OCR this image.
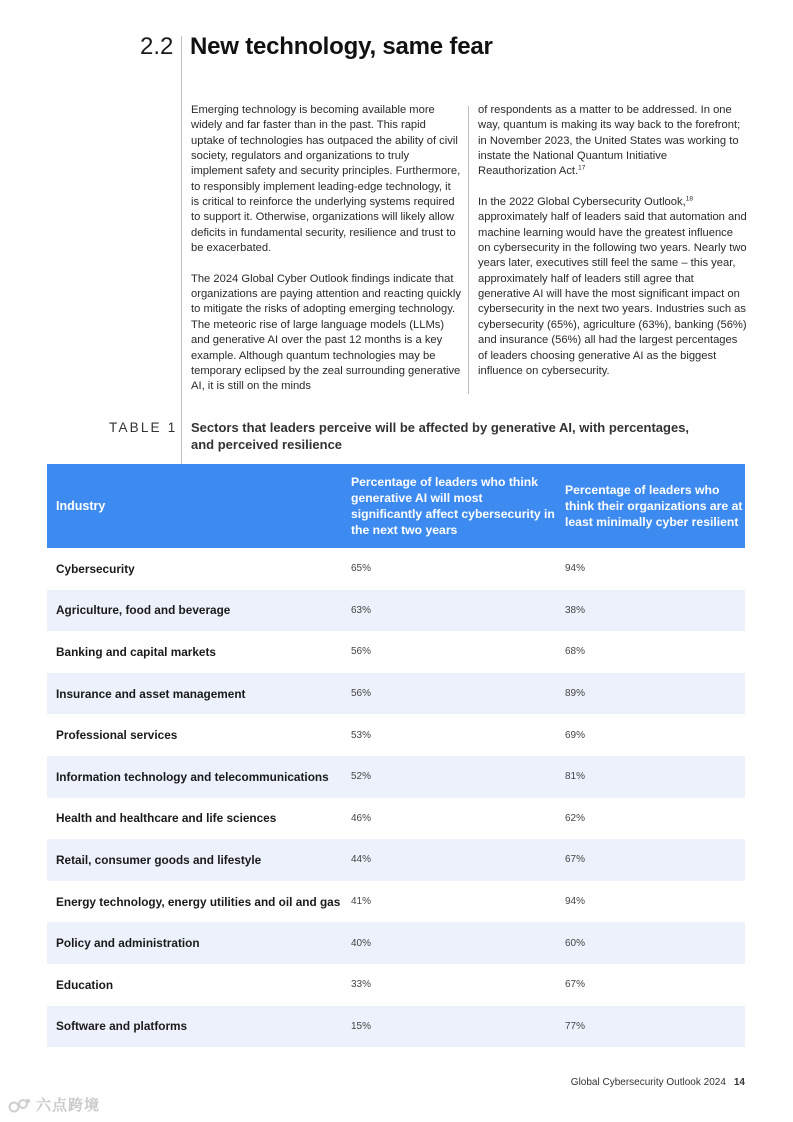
2.2 New technology, same fear

Emerging technology is becoming available more widely and far faster than in the past. This rapid uptake of technologies has outpaced the ability of civil society, regulators and organizations to truly implement safety and security principles. Furthermore, to responsibly implement leading-edge technology, it is critical to reinforce the underlying systems required to support it. Otherwise, organizations will likely allow deficits in fundamental security, resilience and trust to be exacerbated.

The 2024 Global Cyber Outlook findings indicate that organizations are paying attention and reacting quickly to mitigate the risks of adopting emerging technology. The meteoric rise of large language models (LLMs) and generative AI over the past 12 months is a key example. Although quantum technologies may be temporary eclipsed by the zeal surrounding generative AI, it is still on the minds

of respondents as a matter to be addressed. In one way, quantum is making its way back to the forefront; in November 2023, the United States was working to instate the National Quantum Initiative Reauthorization Act.$^{17}$

In the 2022 Global Cybersecurity Outlook,$^{18}$ approximately half of leaders said that automation and machine learning would have the greatest influence on cybersecurity in the following two years. Nearly two years later, executives still feel the same – this year, approximately half of leaders still agree that generative AI will have the most significant impact on cybersecurity in the next two years. Industries such as cybersecurity (65%), agriculture (63%), banking (56%) and insurance (56%) all had the largest percentages of leaders choosing generative AI as the biggest influence on cybersecurity.

TABLE 1 Sectors that leaders perceive will be affected by generative AI, with percentages, and perceived resilience
Industry	Percentage of leaders who think generative AI will most significantly affect cybersecurity in the next two years	Percentage of leaders who think their organizations are at least minimally cyber resilient
Cybersecurity	65%	94%
Agriculture, food and beverage	63%	38%
Banking and capital markets	56%	68%
Insurance and asset management	56%	89%
Professional services	53%	69%
Information technology and telecommunications	52%	81%
Health and healthcare and life sciences	46%	62%
Retail, consumer goods and lifestyle	44%	67%
Energy technology, energy utilities and oil and gas	41%	94%
Policy and administration	40%	60%
Education	33%	67%
Software and platforms	15%	77%
Global Cybersecurity Outlook 2024 14
六点跨境
